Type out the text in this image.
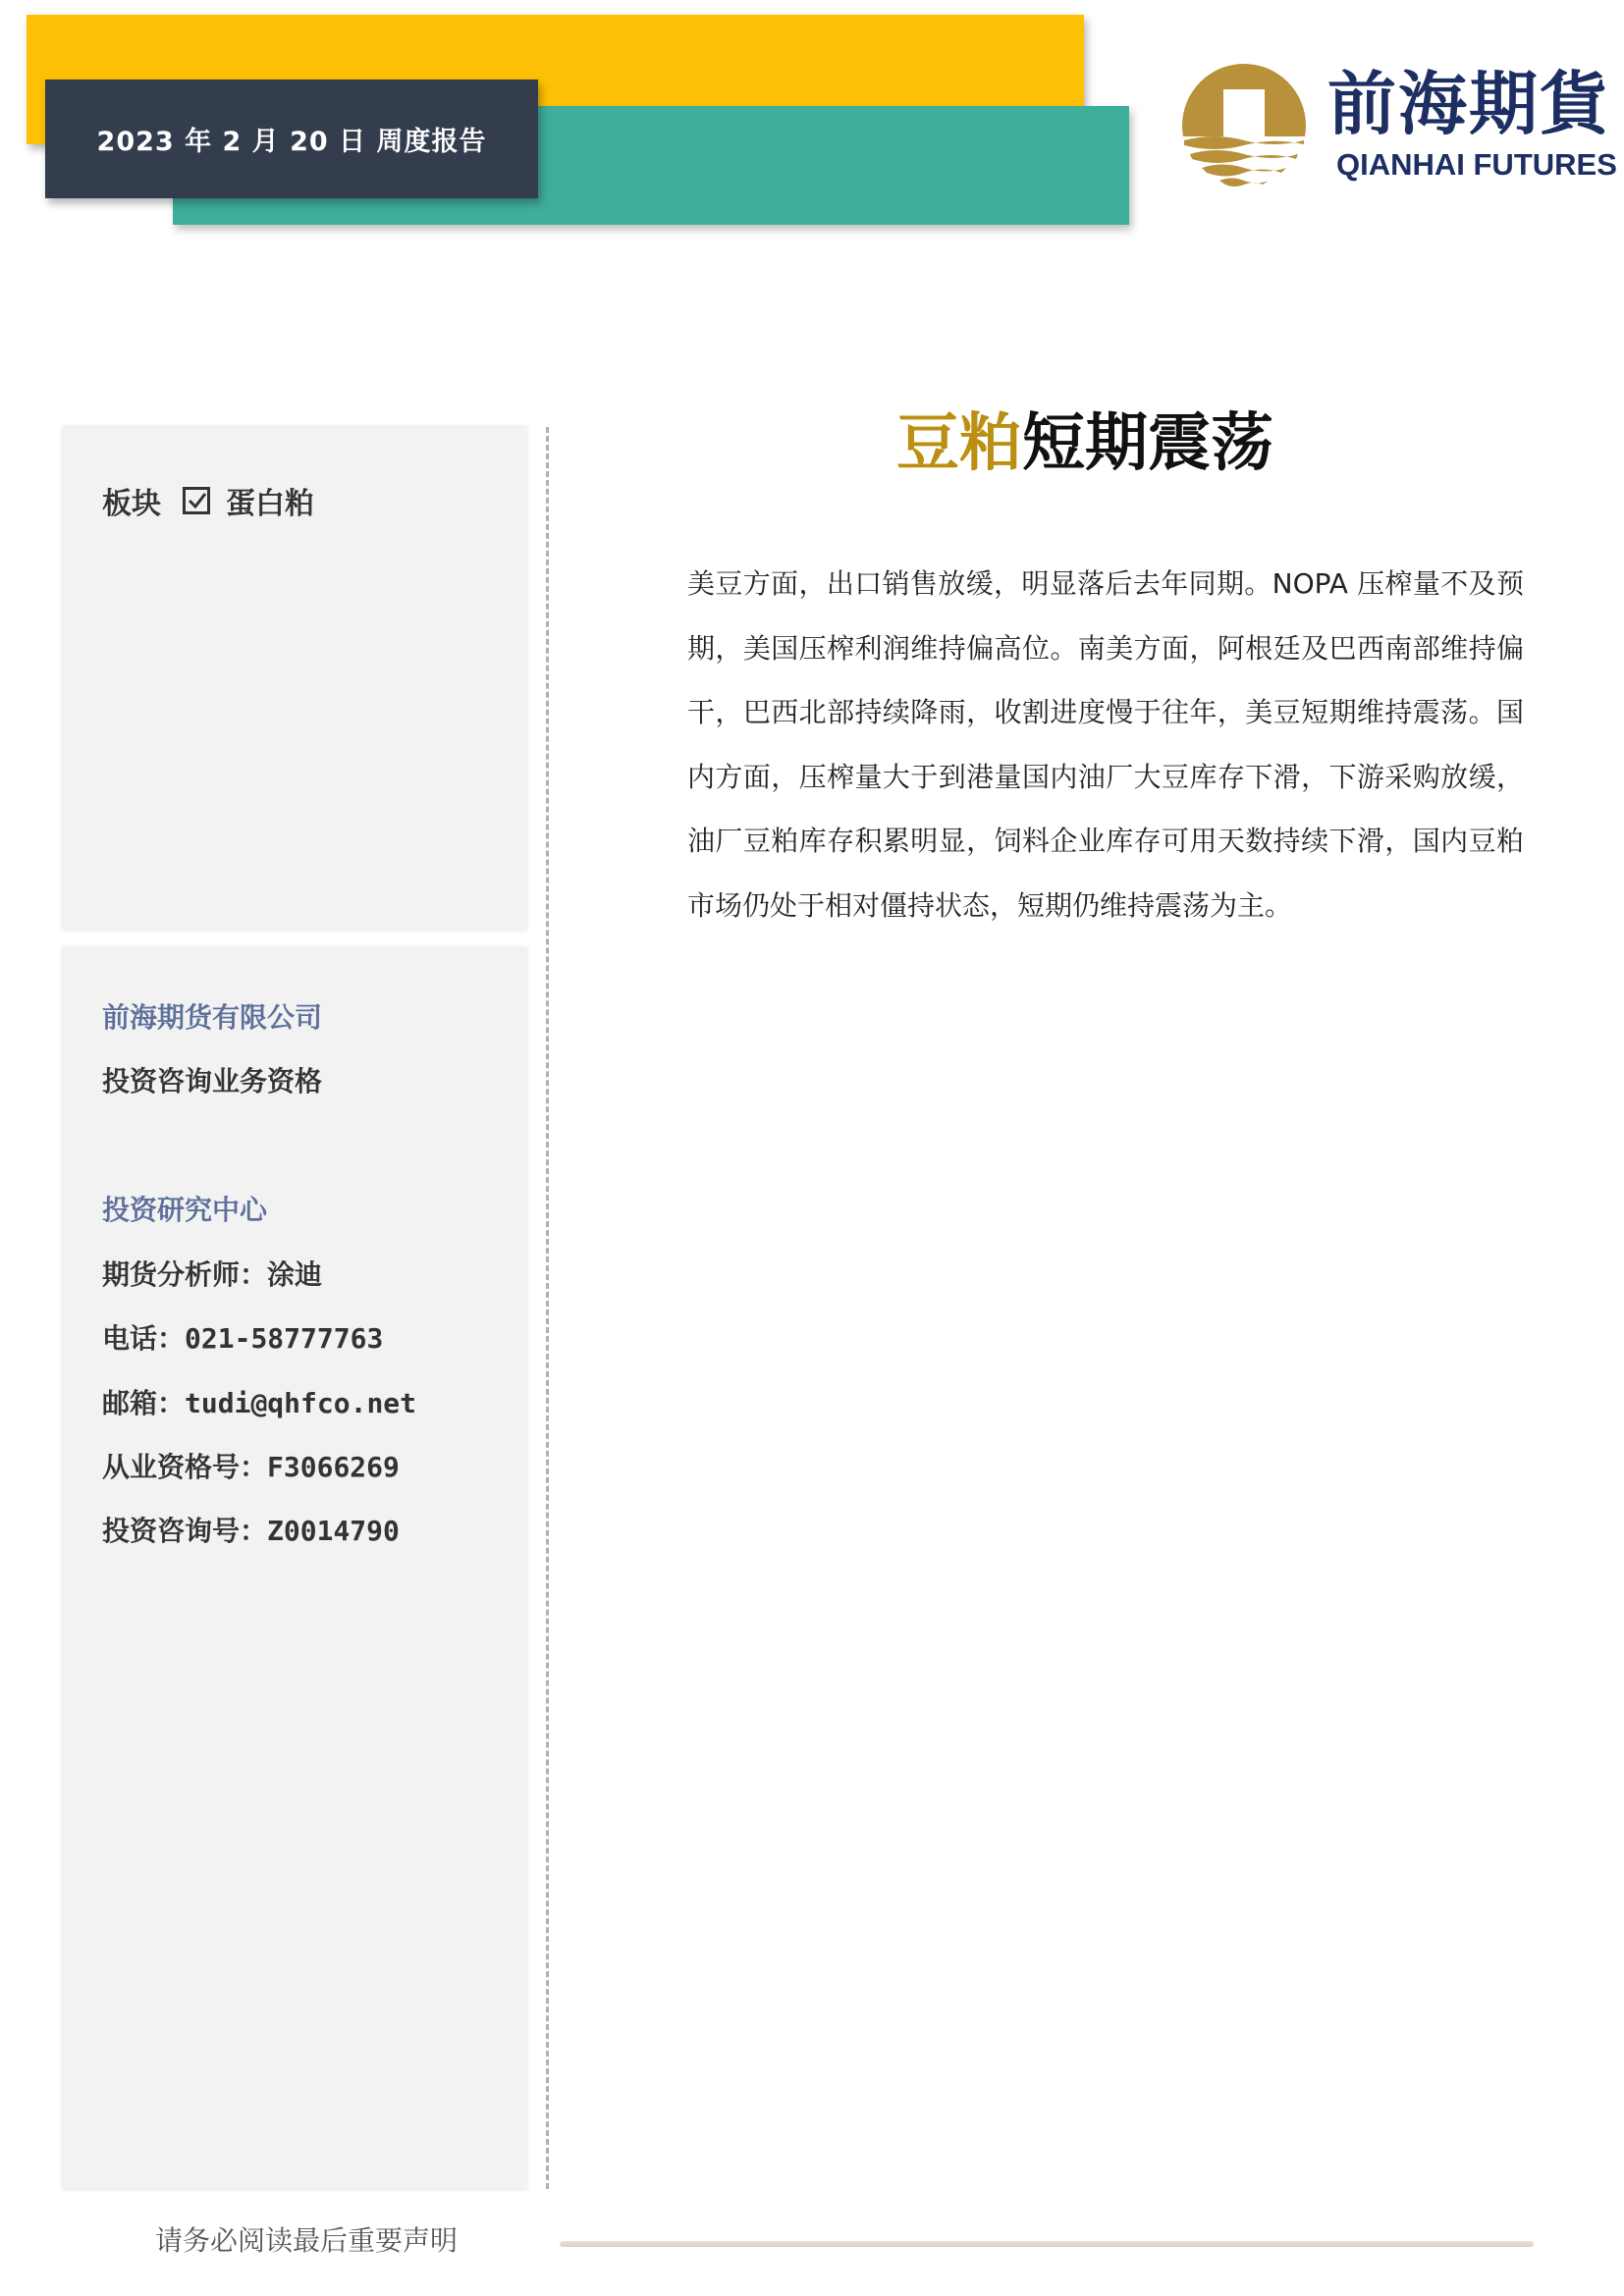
2023 年 2 月 20 日 周度报告	前海期貨
QIANHAI FUTURES
板块 蛋白粕
前海期货有限公司
投资咨询业务资格
投资研究中心
期货分析师：涂迪
电话：021-58777763
邮箱：tudi@qhfco.net
从业资格号：F3066269
投资咨询号：Z0014790
豆粕短期震荡

美豆方面，出口销售放缓，明显落后去年同期。NOPA 压榨量不及预期，美国压榨利润维持偏高位。南美方面，阿根廷及巴西南部维持偏干，巴西北部持续降雨，收割进度慢于往年，美豆短期维持震荡。国内方面，压榨量大于到港量国内油厂大豆库存下滑，下游采购放缓，油厂豆粕库存积累明显，饲料企业库存可用天数持续下滑，国内豆粕市场仍处于相对僵持状态，短期仍维持震荡为主。

请务必阅读最后重要声明
